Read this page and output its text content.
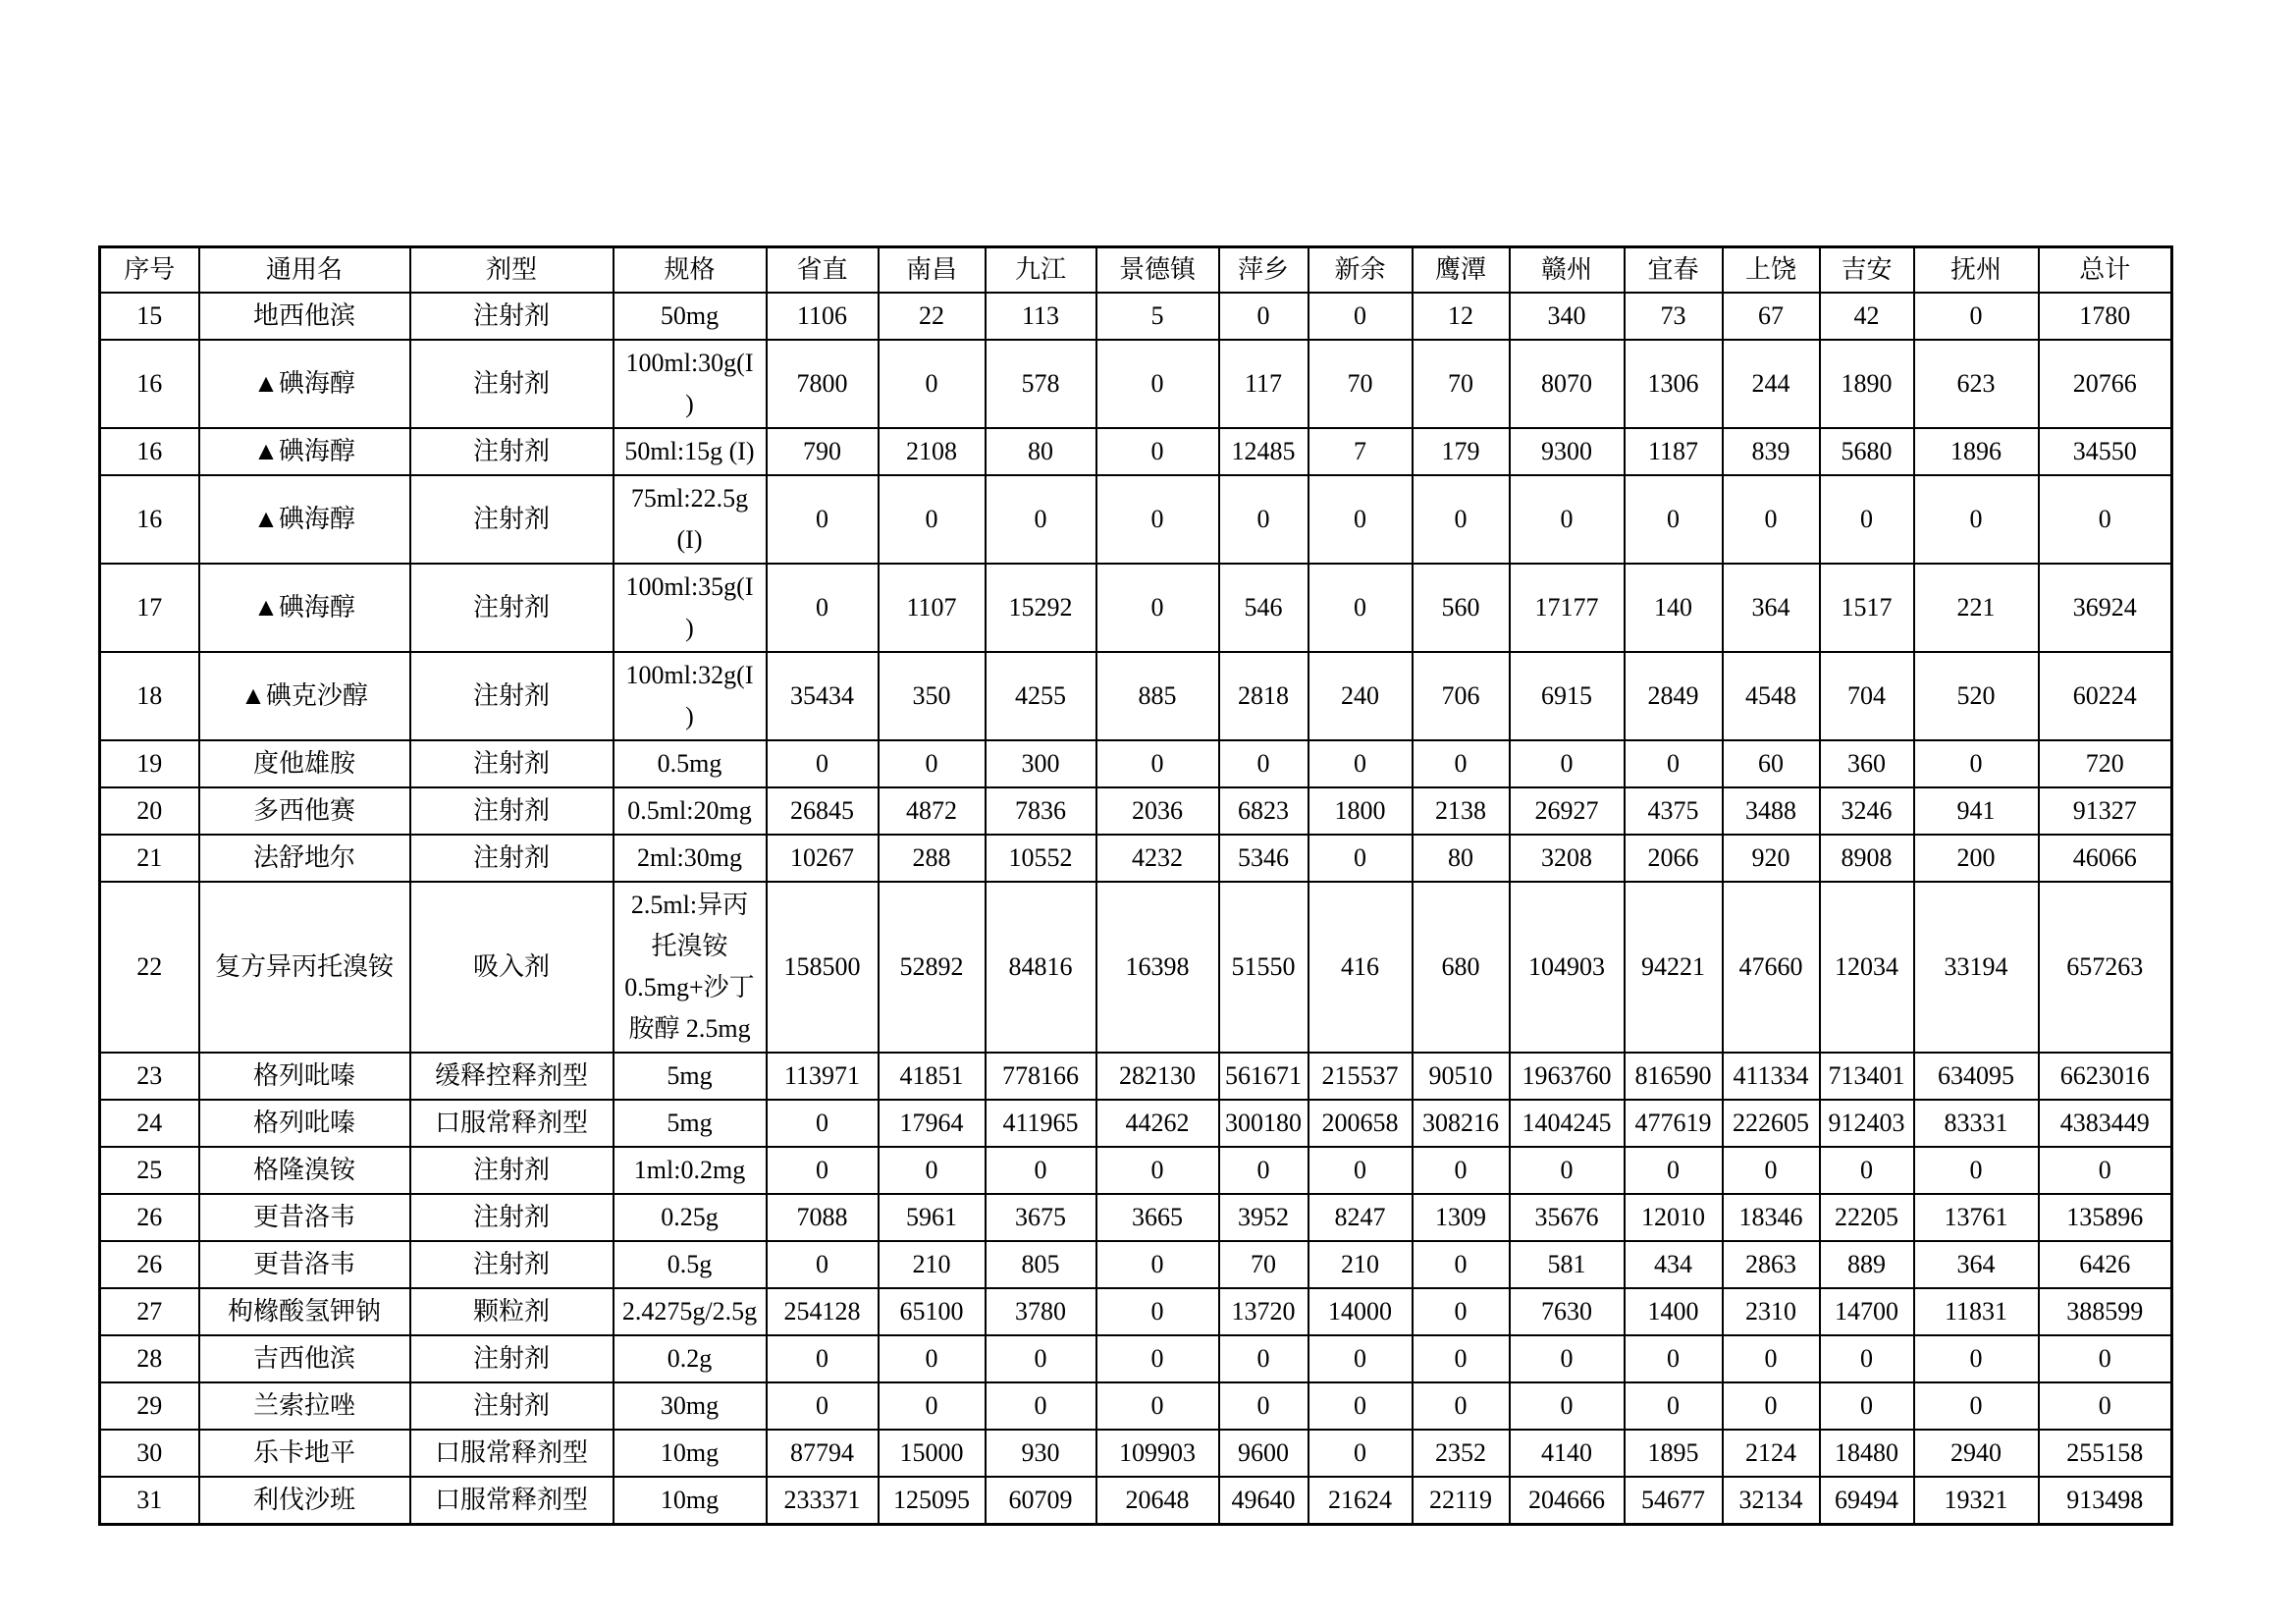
序号	通用名	剂型	规格	省直	南昌	九江	景德镇	萍乡	新余	鹰潭	赣州	宜春	上饶	吉安	抚州	总计
15	地西他滨	注射剂	50mg	1106	22	113	5	0	0	12	340	73	67	42	0	1780
16	▲碘海醇	注射剂	100ml:30g(I)	7800	0	578	0	117	70	70	8070	1306	244	1890	623	20766
16	▲碘海醇	注射剂	50ml:15g (I)	790	2108	80	0	12485	7	179	9300	1187	839	5680	1896	34550
16	▲碘海醇	注射剂	75ml:22.5g (I)	0	0	0	0	0	0	0	0	0	0	0	0	0
17	▲碘海醇	注射剂	100ml:35g(I)	0	1107	15292	0	546	0	560	17177	140	364	1517	221	36924
18	▲碘克沙醇	注射剂	100ml:32g(I)	35434	350	4255	885	2818	240	706	6915	2849	4548	704	520	60224
19	度他雄胺	注射剂	0.5mg	0	0	300	0	0	0	0	0	0	60	360	0	720
20	多西他赛	注射剂	0.5ml:20mg	26845	4872	7836	2036	6823	1800	2138	26927	4375	3488	3246	941	91327
21	法舒地尔	注射剂	2ml:30mg	10267	288	10552	4232	5346	0	80	3208	2066	920	8908	200	46066
22	复方异丙托溴铵	吸入剂	2.5ml:异丙托溴铵 0.5mg+沙丁胺醇 2.5mg	158500	52892	84816	16398	51550	416	680	104903	94221	47660	12034	33194	657263
23	格列吡嗪	缓释控释剂型	5mg	113971	41851	778166	282130	561671	215537	90510	1963760	816590	411334	713401	634095	6623016
24	格列吡嗪	口服常释剂型	5mg	0	17964	411965	44262	300180	200658	308216	1404245	477619	222605	912403	83331	4383449
25	格隆溴铵	注射剂	1ml:0.2mg	0	0	0	0	0	0	0	0	0	0	0	0	0
26	更昔洛韦	注射剂	0.25g	7088	5961	3675	3665	3952	8247	1309	35676	12010	18346	22205	13761	135896
26	更昔洛韦	注射剂	0.5g	0	210	805	0	70	210	0	581	434	2863	889	364	6426
27	枸橼酸氢钾钠	颗粒剂	2.4275g/2.5g	254128	65100	3780	0	13720	14000	0	7630	1400	2310	14700	11831	388599
28	吉西他滨	注射剂	0.2g	0	0	0	0	0	0	0	0	0	0	0	0	0
29	兰索拉唑	注射剂	30mg	0	0	0	0	0	0	0	0	0	0	0	0	0
30	乐卡地平	口服常释剂型	10mg	87794	15000	930	109903	9600	0	2352	4140	1895	2124	18480	2940	255158
31	利伐沙班	口服常释剂型	10mg	233371	125095	60709	20648	49640	21624	22119	204666	54677	32134	69494	19321	913498
